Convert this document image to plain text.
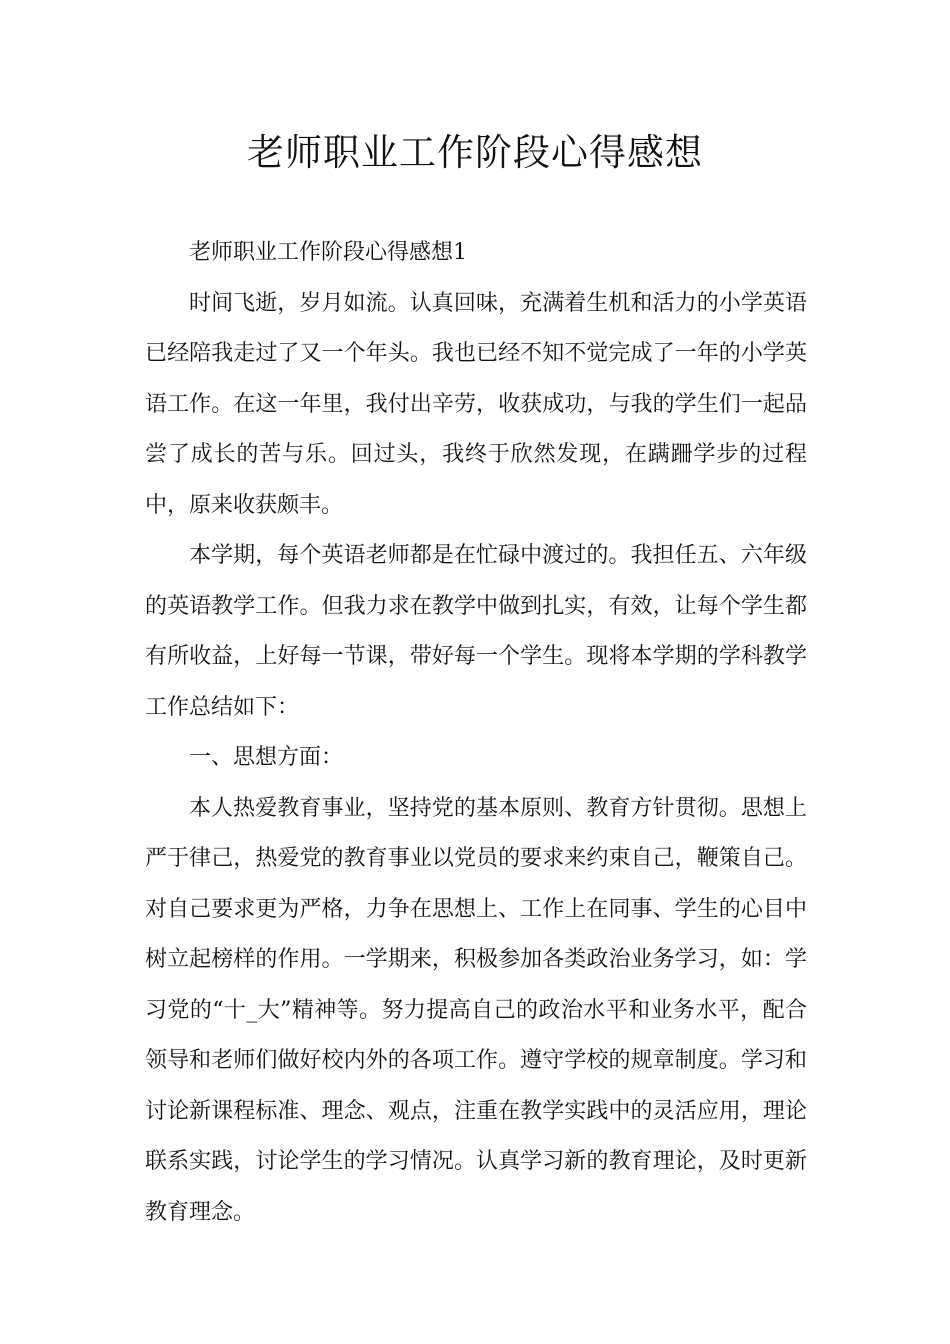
老师职业工作阶段心得感想

老师职业工作阶段心得感想1

时间飞逝，岁月如流。认真回味，充满着生机和活力的小学英语已经陪我走过了又一个年头。我也已经不知不觉完成了一年的小学英语工作。在这一年里，我付出辛劳，收获成功，与我的学生们一起品尝了成长的苦与乐。回过头，我终于欣然发现，在蹒跚学步的过程中，原来收获颇丰。

本学期，每个英语老师都是在忙碌中渡过的。我担任五、六年级的英语教学工作。但我力求在教学中做到扎实，有效，让每个学生都有所收益，上好每一节课，带好每一个学生。现将本学期的学科教学工作总结如下：

一、思想方面：

本人热爱教育事业，坚持党的基本原则、教育方针贯彻。思想上严于律己，热爱党的教育事业以党员的要求来约束自己，鞭策自己。对自己要求更为严格，力争在思想上、工作上在同事、学生的心目中树立起榜样的作用。一学期来，积极参加各类政治业务学习，如：学习党的“十_大”精神等。努力提高自己的政治水平和业务水平，配合领导和老师们做好校内外的各项工作。遵守学校的规章制度。学习和讨论新课程标准、理念、观点，注重在教学实践中的灵活应用，理论联系实践，讨论学生的学习情况。认真学习新的教育理论，及时更新教育理念。
